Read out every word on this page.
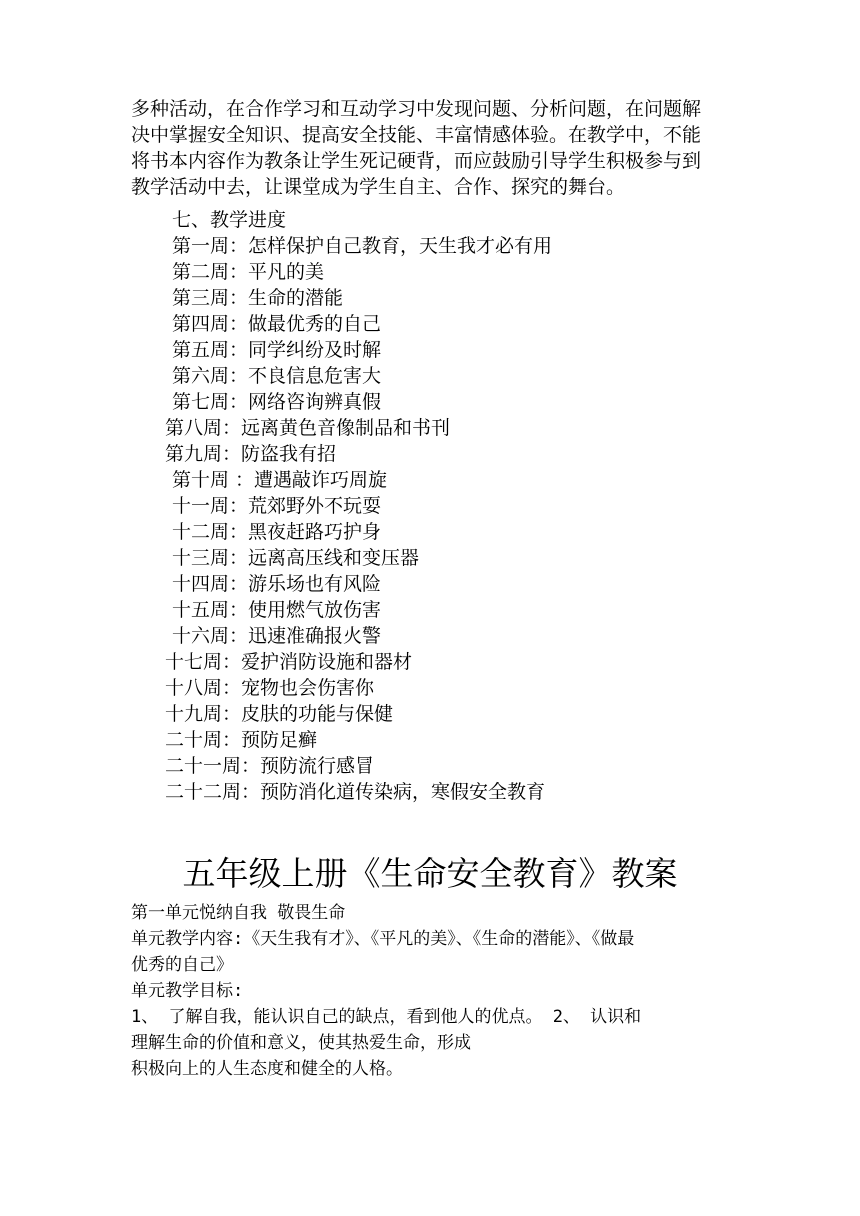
多种活动，在合作学习和互动学习中发现问题、分析问题，在问题解
决中掌握安全知识、提高安全技能、丰富情感体验。在教学中，不能
将书本内容作为教条让学生死记硬背，而应鼓励引导学生积极参与到
教学活动中去，让课堂成为学生自主、合作、探究的舞台。
七、教学进度
第一周：怎样保护自己教育，天生我才必有用
第二周：平凡的美
第三周：生命的潜能
第四周：做最优秀的自己
第五周：同学纠纷及时解
第六周：不良信息危害大
第七周：网络咨询辨真假
第八周：远离黄色音像制品和书刊
第九周：防盗我有招
第十周 ：遭遇敲诈巧周旋
十一周：荒郊野外不玩耍
十二周：黑夜赶路巧护身
十三周：远离高压线和变压器
十四周：游乐场也有风险
十五周：使用燃气放伤害
十六周：迅速准确报火警
十七周：爱护消防设施和器材
十八周：宠物也会伤害你
十九周：皮肤的功能与保健
二十周：预防足癣
二十一周：预防流行感冒
二十二周：预防消化道传染病，寒假安全教育
五年级上册《生命安全教育》教案
第一单元悦纳自我 敬畏生命
单元教学内容:《天生我有才》、《平凡的美》、《生命的潜能》、《做最
优秀的自己》
单元教学目标:
1、 了解自我，能认识自己的缺点，看到他人的优点。 2、 认识和
理解生命的价值和意义，使其热爱生命，形成
积极向上的人生态度和健全的人格。
